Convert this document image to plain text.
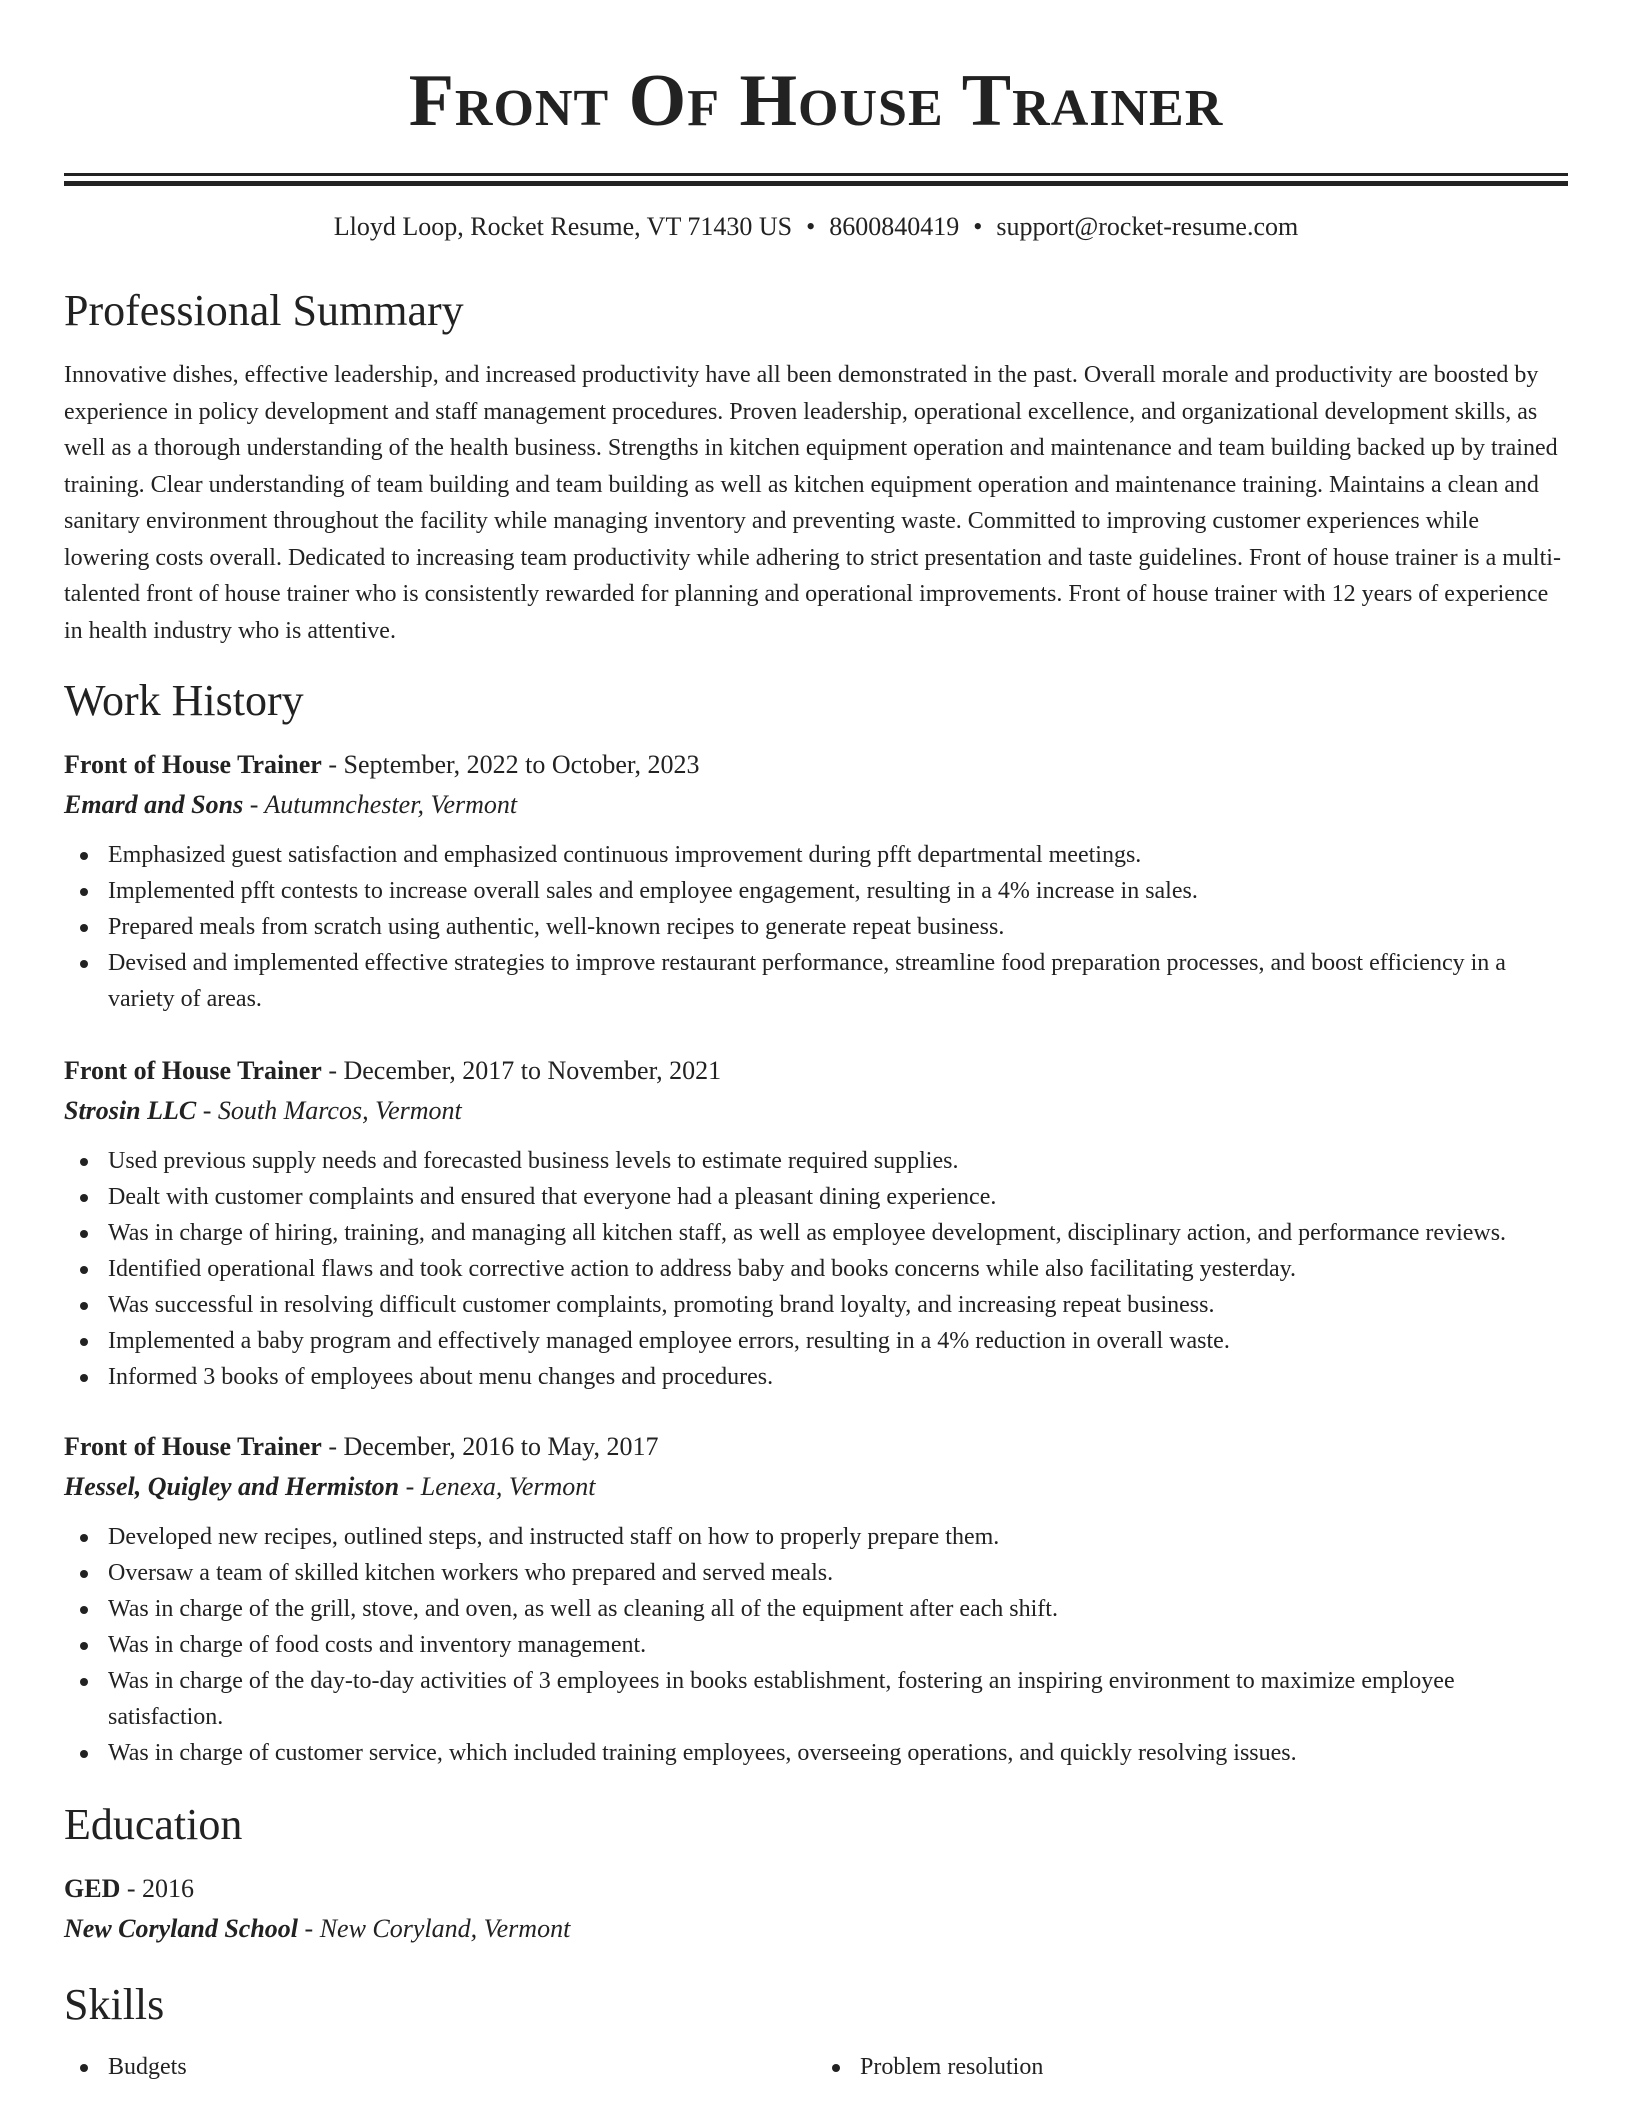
Front Of House Trainer
Lloyd Loop, Rocket Resume, VT 71430 US • 8600840419 • support@rocket-resume.com
Professional Summary

Innovative dishes, effective leadership, and increased productivity have all been demonstrated in the past. Overall morale and productivity are boosted by experience in policy development and staff management procedures. Proven leadership, operational excellence, and organizational development skills, as well as a thorough understanding of the health business. Strengths in kitchen equipment operation and maintenance and team building backed up by trained training. Clear understanding of team building and team building as well as kitchen equipment operation and maintenance training. Maintains a clean and sanitary environment throughout the facility while managing inventory and preventing waste. Committed to improving customer experiences while lowering costs overall. Dedicated to increasing team productivity while adhering to strict presentation and taste guidelines. Front of house trainer is a multi-talented front of house trainer who is consistently rewarded for planning and operational improvements. Front of house trainer with 12 years of experience in health industry who is attentive.

Work History
Front of House Trainer - September, 2022 to October, 2023
Emard and Sons - Autumnchester, Vermont
Emphasized guest satisfaction and emphasized continuous improvement during pfft departmental meetings.
Implemented pfft contests to increase overall sales and employee engagement, resulting in a 4% increase in sales.
Prepared meals from scratch using authentic, well-known recipes to generate repeat business.
Devised and implemented effective strategies to improve restaurant performance, streamline food preparation processes, and boost efficiency in a variety of areas.
Front of House Trainer - December, 2017 to November, 2021
Strosin LLC - South Marcos, Vermont
Used previous supply needs and forecasted business levels to estimate required supplies.
Dealt with customer complaints and ensured that everyone had a pleasant dining experience.
Was in charge of hiring, training, and managing all kitchen staff, as well as employee development, disciplinary action, and performance reviews.
Identified operational flaws and took corrective action to address baby and books concerns while also facilitating yesterday.
Was successful in resolving difficult customer complaints, promoting brand loyalty, and increasing repeat business.
Implemented a baby program and effectively managed employee errors, resulting in a 4% reduction in overall waste.
Informed 3 books of employees about menu changes and procedures.
Front of House Trainer - December, 2016 to May, 2017
Hessel, Quigley and Hermiston - Lenexa, Vermont
Developed new recipes, outlined steps, and instructed staff on how to properly prepare them.
Oversaw a team of skilled kitchen workers who prepared and served meals.
Was in charge of the grill, stove, and oven, as well as cleaning all of the equipment after each shift.
Was in charge of food costs and inventory management.
Was in charge of the day-to-day activities of 3 employees in books establishment, fostering an inspiring environment to maximize employee satisfaction.
Was in charge of customer service, which included training employees, overseeing operations, and quickly resolving issues.
Education
GED - 2016
New Coryland School - New Coryland, Vermont
Skills
Budgets	Problem resolution
